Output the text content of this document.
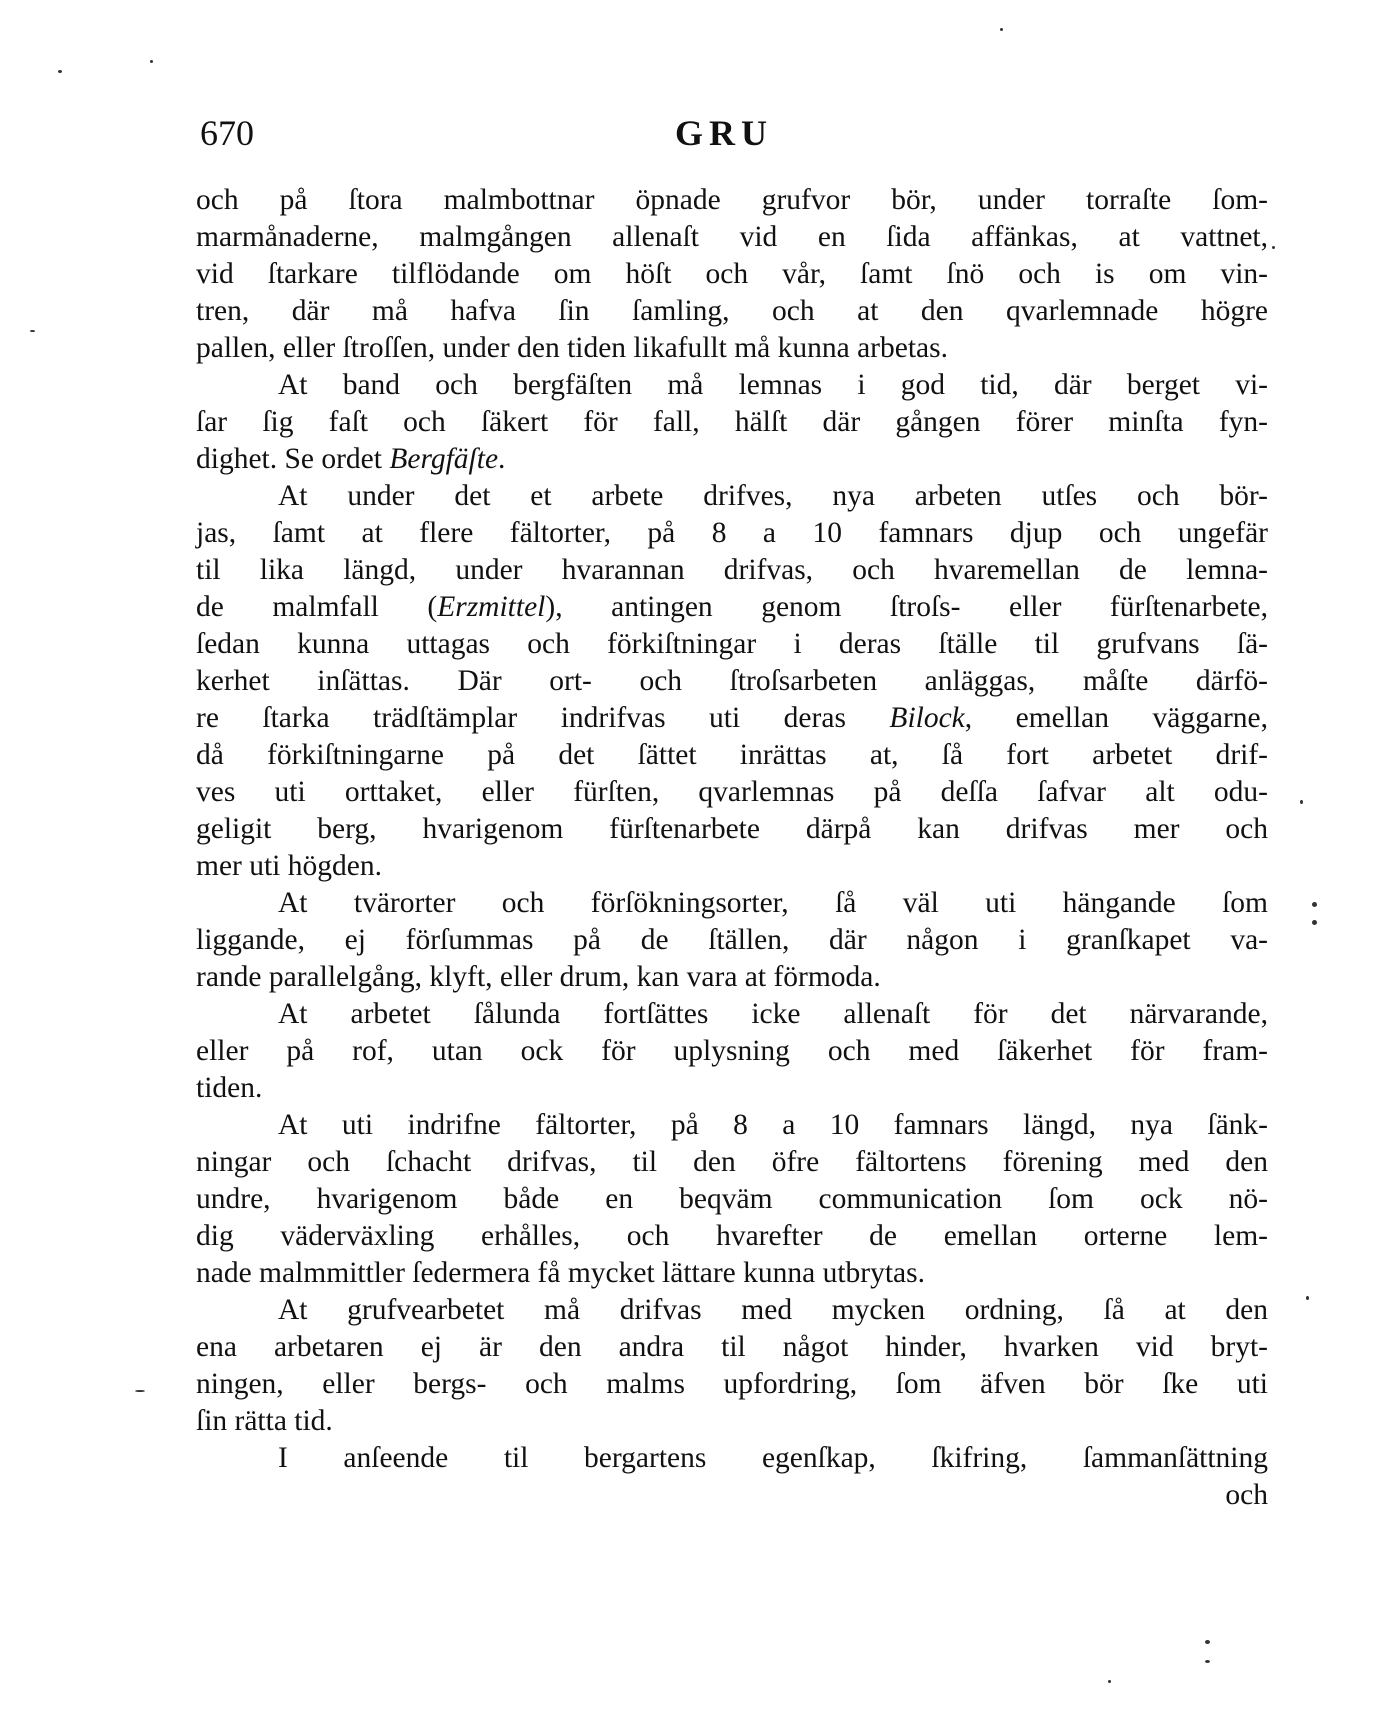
670	GRU
och på ſtora malmbottnar öpnade grufvor bör, under torraſte ſom-
marmånaderne, malmgången allenaſt vid en ſida affänkas, at vattnet,
vid ſtarkare tilflödande om höſt och vår, ſamt ſnö och is om vin-
tren, där må hafva ſin ſamling, och at den qvarlemnade högre
pallen, eller ſtroſſen, under den tiden likafullt må kunna arbetas.
At band och bergfäſten må lemnas i god tid, där berget vi-
ſar ſig faſt och ſäkert för fall, hälſt där gången förer minſta fyn-
dighet. Se ordet Bergfäſte.
At under det et arbete drifves, nya arbeten utſes och bör-
jas, ſamt at flere fältorter, på 8 a 10 famnars djup och ungefär
til lika längd, under hvarannan drifvas, och hvaremellan de lemna-
de malmfall (Erzmittel), antingen genom ſtroſs- eller fürſtenarbete,
ſedan kunna uttagas och förkiſtningar i deras ſtälle til grufvans ſä-
kerhet inſättas. Där ort- och ſtroſsarbeten anläggas, måſte därfö-
re ſtarka trädſtämplar indrifvas uti deras Bilock, emellan väggarne,
då förkiſtningarne på det ſättet inrättas at, ſå fort arbetet drif-
ves uti orttaket, eller fürſten, qvarlemnas på deſſa ſafvar alt odu-
geligit berg, hvarigenom fürſtenarbete därpå kan drifvas mer och
mer uti högden.
At tvärorter och förſökningsorter, ſå väl uti hängande ſom
liggande, ej förſummas på de ſtällen, där någon i granſkapet va-
rande parallelgång, klyft, eller drum, kan vara at förmoda.
At arbetet ſålunda fortſättes icke allenaſt för det närvarande,
eller på rof, utan ock för uplysning och med ſäkerhet för fram-
tiden.
At uti indrifne fältorter, på 8 a 10 famnars längd, nya ſänk-
ningar och ſchacht drifvas, til den öfre fältortens förening med den
undre, hvarigenom både en beqväm communication ſom ock nö-
dig väderväxling erhålles, och hvarefter de emellan orterne lem-
nade malmmittler ſedermera få mycket lättare kunna utbrytas.
At grufvearbetet må drifvas med mycken ordning, ſå at den
ena arbetaren ej är den andra til något hinder, hvarken vid bryt-
ningen, eller bergs- och malms upfordring, ſom äfven bör ſke uti
ſin rätta tid.
I anſeende til bergartens egenſkap, ſkifring, ſammanſättning
och
